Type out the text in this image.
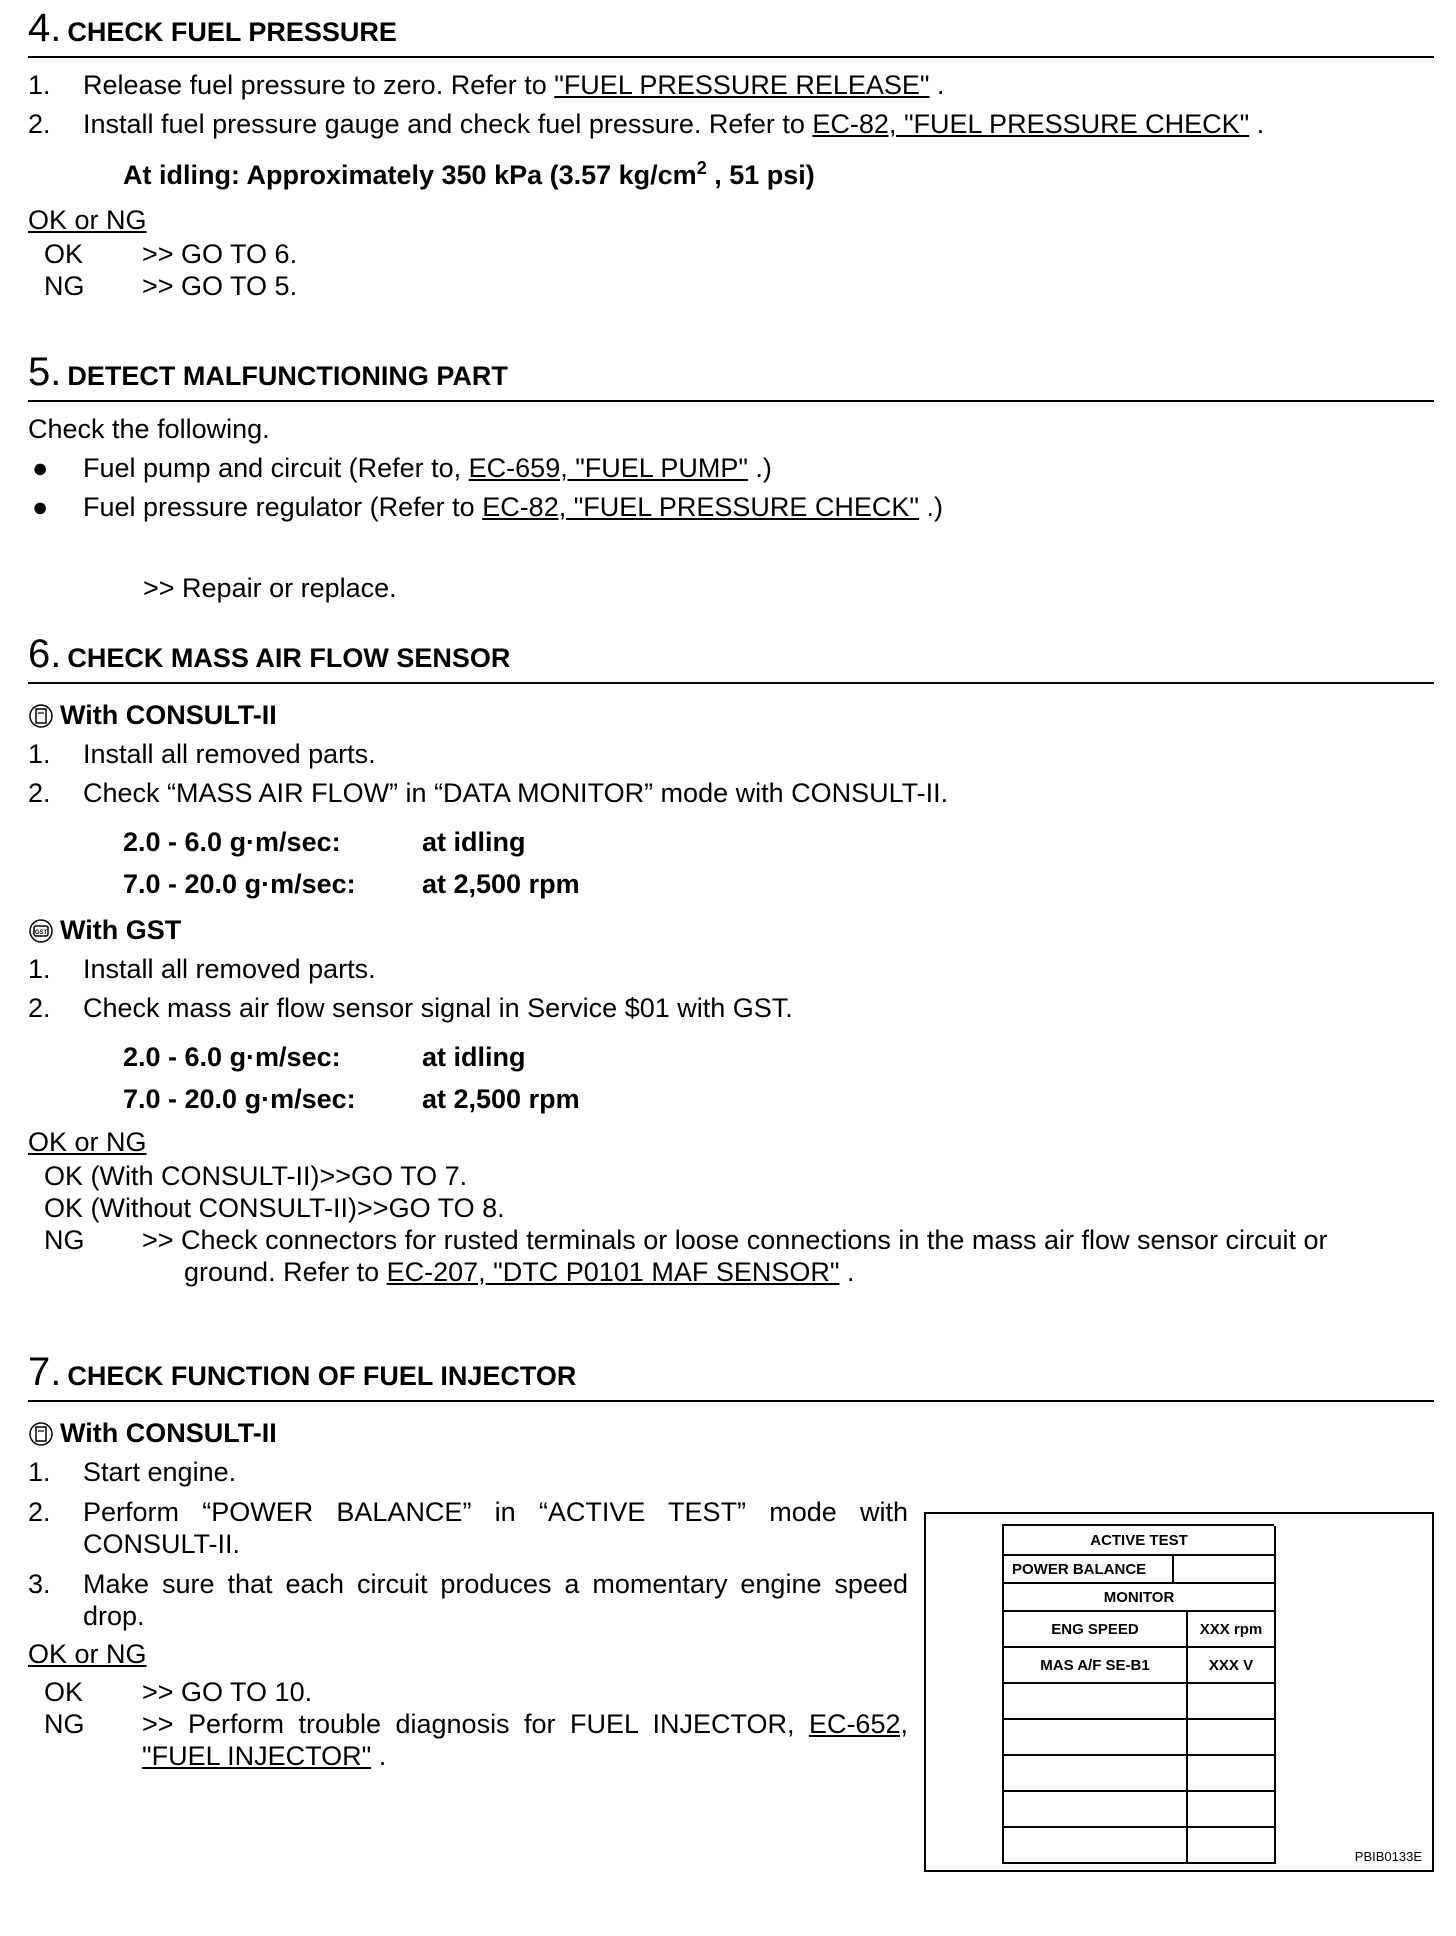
4. CHECK FUEL PRESSURE
1.	Release fuel pressure to zero. Refer to "FUEL PRESSURE RELEASE" .
2.	Install fuel pressure gauge and check fuel pressure. Refer to EC-82, "FUEL PRESSURE CHECK" .
At idling: Approximately 350 kPa (3.57 $kg/cm^2$ , 51 psi)
OK or NG
OK	>> GO TO 6.
NG	>> GO TO 5.
5. DETECT MALFUNCTIONING PART
Check the following.
●	Fuel pump and circuit (Refer to, EC-659, "FUEL PUMP" .)
●	Fuel pressure regulator (Refer to EC-82, "FUEL PRESSURE CHECK" .)
>> Repair or replace.
6. CHECK MASS AIR FLOW SENSOR
With CONSULT-II
1.	Install all removed parts.
2.	Check “MASS AIR FLOW” in “DATA MONITOR” mode with CONSULT-II.
2.0 - 6.0 g·m/sec:	at idling
7.0 - 20.0 g·m/sec:	at 2,500 rpm
GST With GST
1.	Install all removed parts.
2.	Check mass air flow sensor signal in Service $01 with GST.
2.0 - 6.0 g·m/sec:	at idling
7.0 - 20.0 g·m/sec:	at 2,500 rpm
OK or NG
OK (With CONSULT-II)>>GO TO 7.
OK (Without CONSULT-II)>>GO TO 8.
NG	>> Check connectors for rusted terminals or loose connections in the mass air flow sensor circuit or
ground. Refer to EC-207, "DTC P0101 MAF SENSOR" .
7. CHECK FUNCTION OF FUEL INJECTOR
With CONSULT-II
1.	Start engine.
2.	Perform “POWER BALANCE” in “ACTIVE TEST” mode with CONSULT-II.
3.	Make sure that each circuit produces a momentary engine speed drop.
OK or NG
OK	>> GO TO 10.
NG	>> Perform trouble diagnosis for FUEL INJECTOR, EC-652, "FUEL INJECTOR" .
ACTIVE TEST
POWER BALANCE
MONITOR
ENG SPEED	XXX rpm
MAS A/F SE-B1	XXX V
PBIB0133E
